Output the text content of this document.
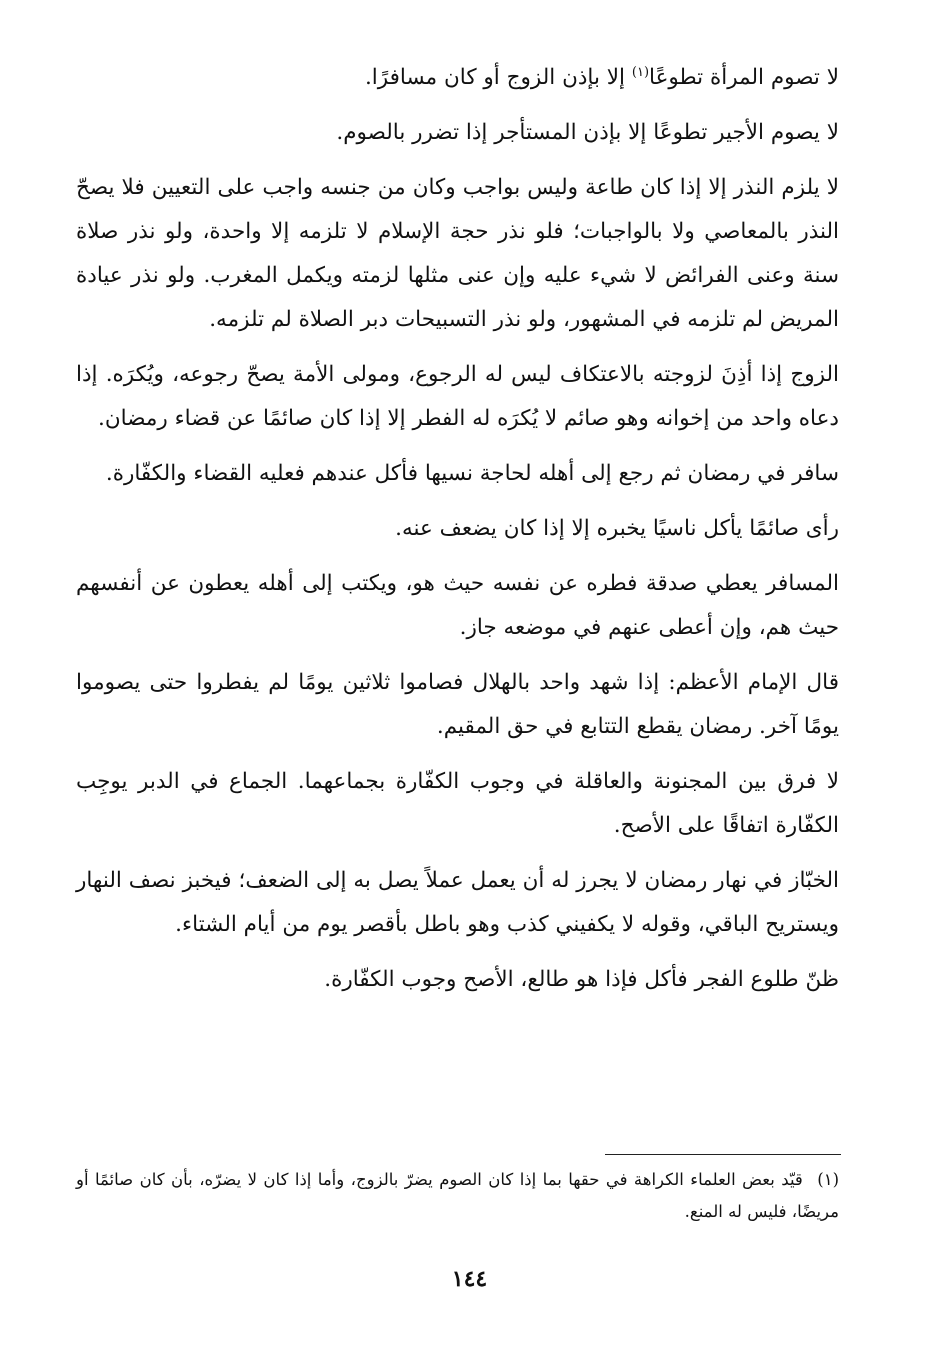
لا تصوم المرأة تطوعًا$^{(١)}$ إلا بإذن الزوج أو كان مسافرًا.

لا يصوم الأجير تطوعًا إلا بإذن المستأجر إذا تضرر بالصوم.

لا يلزم النذر إلا إذا كان طاعة وليس بواجب وكان من جنسه واجب على التعيين فلا يصحّ النذر بالمعاصي ولا بالواجبات؛ فلو نذر حجة الإسلام لا تلزمه إلا واحدة، ولو نذر صلاة سنة وعنى الفرائض لا شيء عليه وإن عنى مثلها لزمته ويكمل المغرب. ولو نذر عيادة المريض لم تلزمه في المشهور، ولو نذر التسبيحات دبر الصلاة لم تلزمه.

الزوج إذا أذِنَ لزوجته بالاعتكاف ليس له الرجوع، ومولى الأمة يصحّ رجوعه، ويُكرَه. إذا دعاه واحد من إخوانه وهو صائم لا يُكرَه له الفطر إلا إذا كان صائمًا عن قضاء رمضان.

سافر في رمضان ثم رجع إلى أهله لحاجة نسيها فأكل عندهم فعليه القضاء والكفّارة.

رأى صائمًا يأكل ناسيًا يخبره إلا إذا كان يضعف عنه.

المسافر يعطي صدقة فطره عن نفسه حيث هو، ويكتب إلى أهله يعطون عن أنفسهم حيث هم، وإن أعطى عنهم في موضعه جاز.

قال الإمام الأعظم: إذا شهد واحد بالهلال فصاموا ثلاثين يومًا لم يفطروا حتى يصوموا يومًا آخر. رمضان يقطع التتابع في حق المقيم.

لا فرق بين المجنونة والعاقلة في وجوب الكفّارة بجماعهما. الجماع في الدبر يوجِب الكفّارة اتفاقًا على الأصح.

الخبّاز في نهار رمضان لا يجرز له أن يعمل عملاً يصل به إلى الضعف؛ فيخبز نصف النهار ويستريح الباقي، وقوله لا يكفيني كذب وهو باطل بأقصر يوم من أيام الشتاء.

ظنّ طلوع الفجر فأكل فإذا هو طالع، الأصح وجوب الكفّارة.

(١) قيّد بعض العلماء الكراهة في حقها بما إذا كان الصوم يضرّ بالزوج، وأما إذا كان لا يضرّه، بأن كان صائمًا أو مريضًا، فليس له المنع.
١٤٤
